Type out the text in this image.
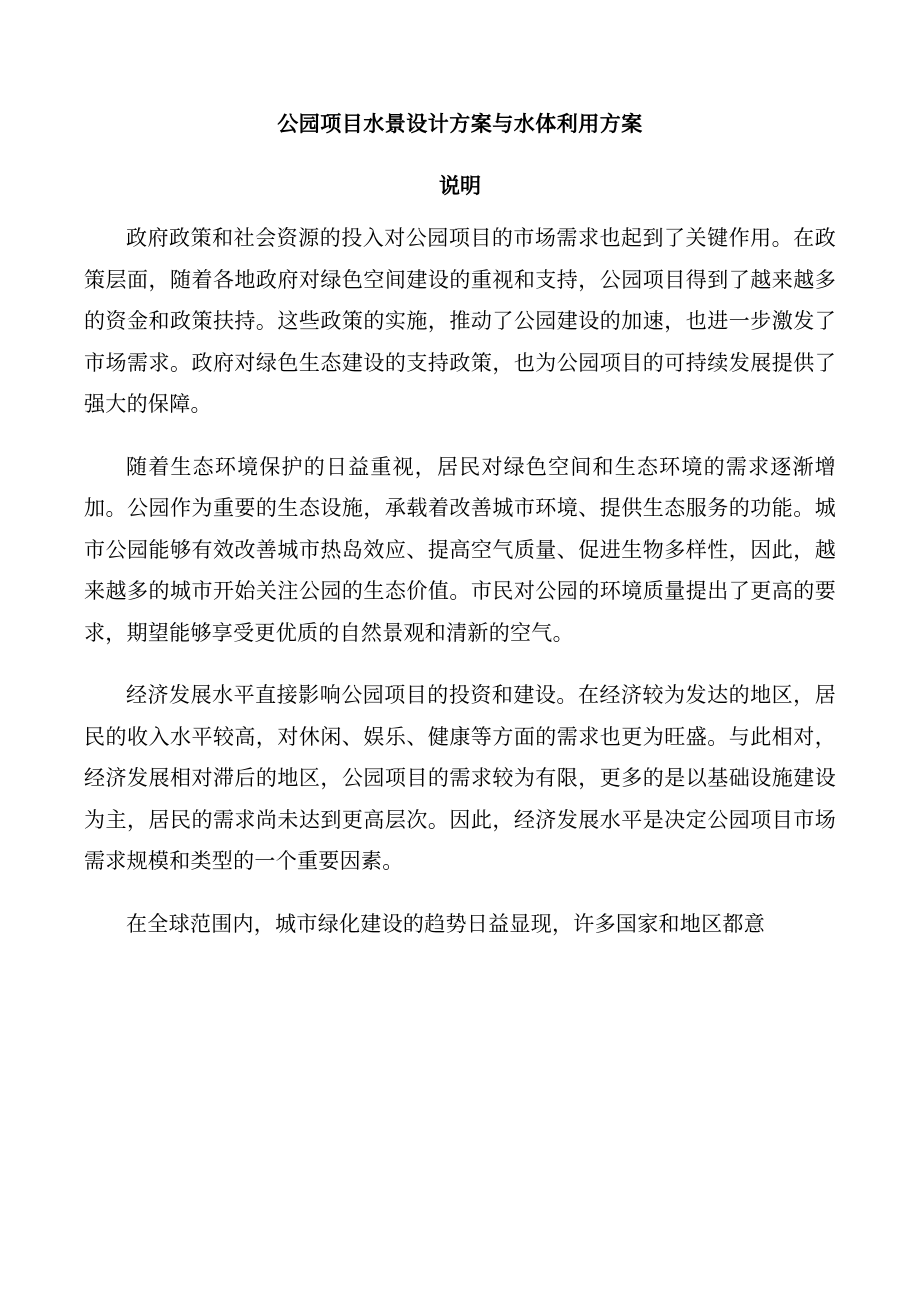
公园项目水景设计方案与水体利用方案
说明

政府政策和社会资源的投入对公园项目的市场需求也起到了关键作用。在政策层面，随着各地政府对绿色空间建设的重视和支持，公园项目得到了越来越多的资金和政策扶持。这些政策的实施，推动了公园建设的加速，也进一步激发了市场需求。政府对绿色生态建设的支持政策，也为公园项目的可持续发展提供了强大的保障。

随着生态环境保护的日益重视，居民对绿色空间和生态环境的需求逐渐增加。公园作为重要的生态设施，承载着改善城市环境、提供生态服务的功能。城市公园能够有效改善城市热岛效应、提高空气质量、促进生物多样性，因此，越来越多的城市开始关注公园的生态价值。市民对公园的环境质量提出了更高的要求，期望能够享受更优质的自然景观和清新的空气。

经济发展水平直接影响公园项目的投资和建设。在经济较为发达的地区，居民的收入水平较高，对休闲、娱乐、健康等方面的需求也更为旺盛。与此相对，经济发展相对滞后的地区，公园项目的需求较为有限，更多的是以基础设施建设为主，居民的需求尚未达到更高层次。因此，经济发展水平是决定公园项目市场需求规模和类型的一个重要因素。

在全球范围内，城市绿化建设的趋势日益显现，许多国家和地区都意
